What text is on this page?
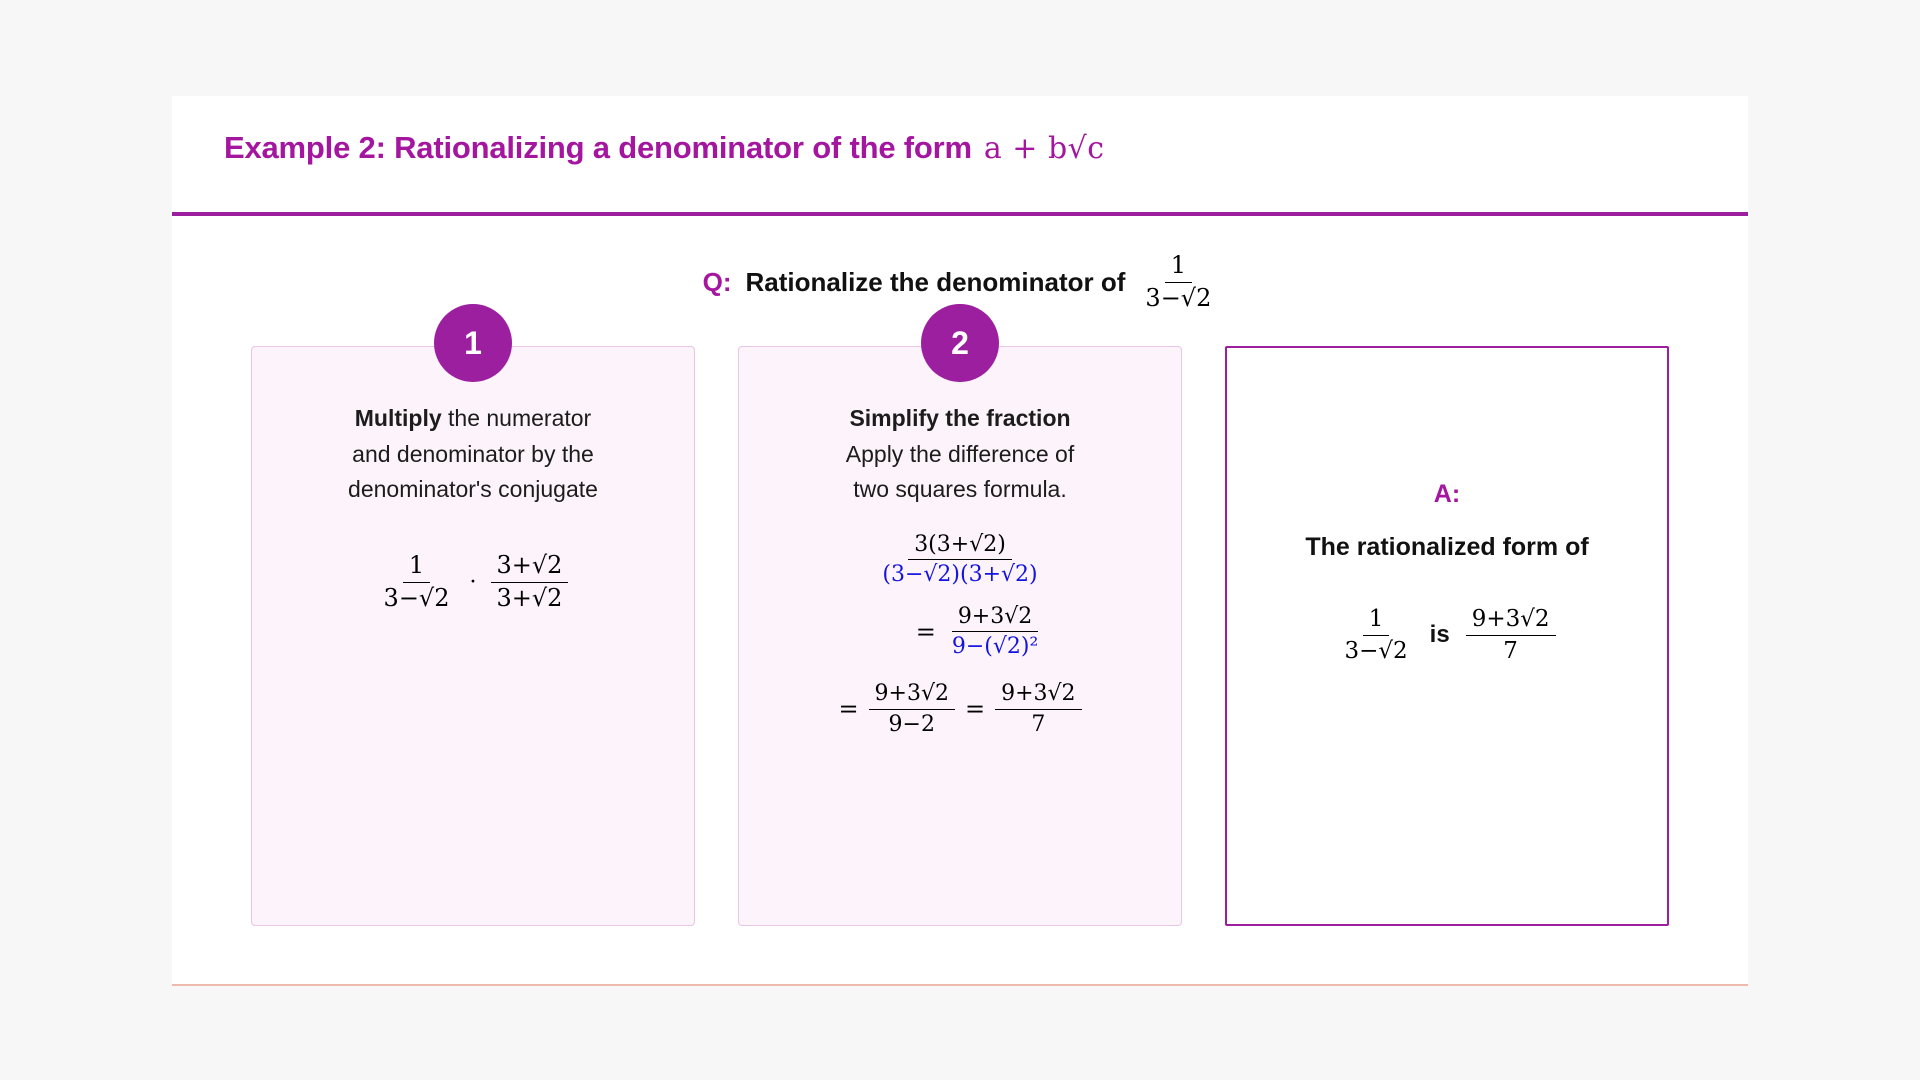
Example 2: Rationalizing a denominator of the form a + b√c
Q: Rationalize the denominator of $\frac{1}{3-√2}$
1
Multiply the numerator
and denominator by the
denominator's conjugate
$\frac{1}{3-√2} \cdot \frac{3+√2}{3+√2}$
2
Simplify the fraction
Apply the difference of
two squares formula.
$\frac{3(3+√2)}{(3-√2)(3+√2)}$
= $\frac{9+3√2}{\text{9−(√2)²}}$
= $\frac{9+3√2}{9-2} = \frac{9+3√2}{7}$
A:
The rationalized form of
$\frac{1}{3-√2}$ is $\frac{9+3√2}{7}$
